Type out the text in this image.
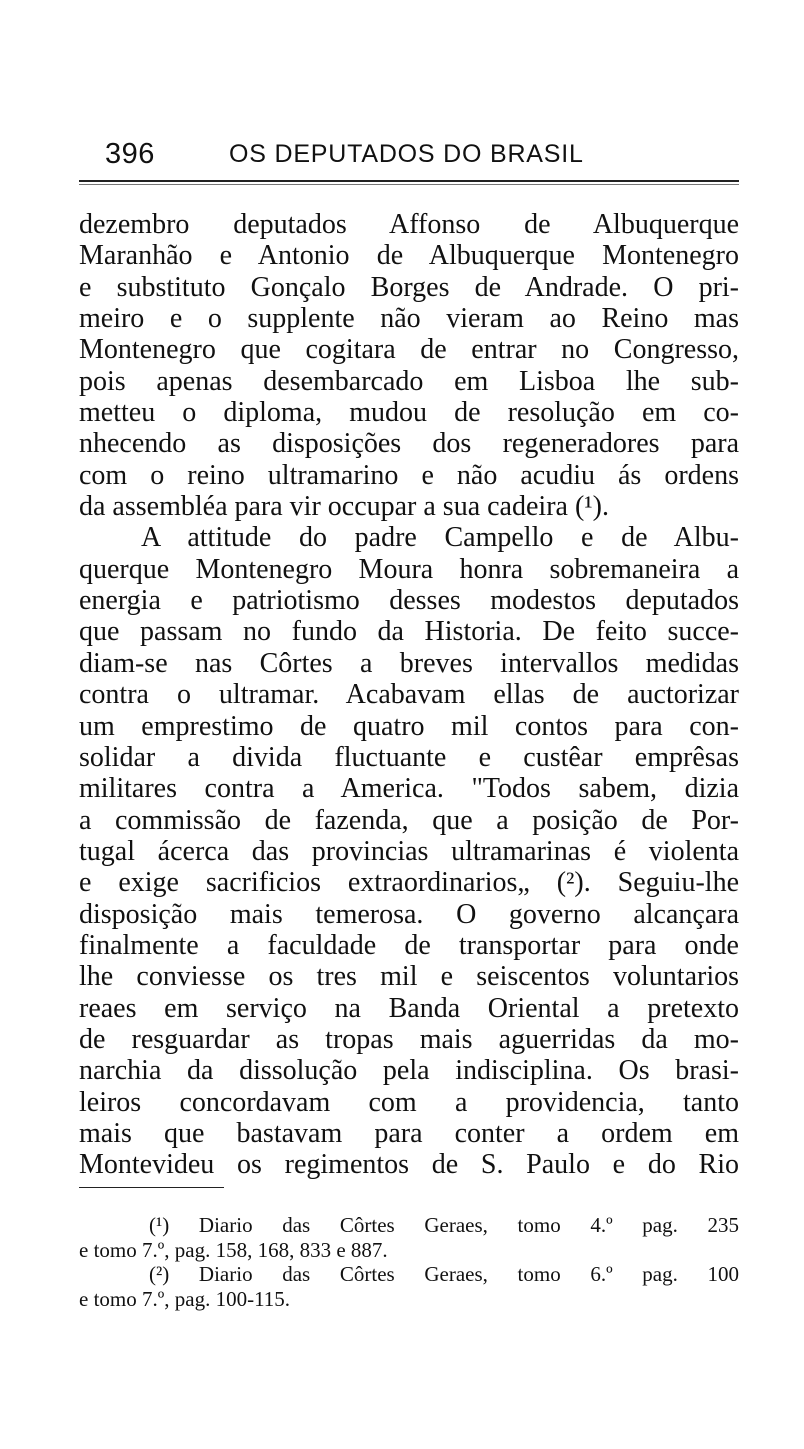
396	OS DEPUTADOS DO BRASIL
dezembro deputados Affonso de Albuquerque
Maranhão e Antonio de Albuquerque Montenegro
e substituto Gonçalo Borges de Andrade. O pri-
meiro e o supplente não vieram ao Reino mas
Montenegro que cogitara de entrar no Congresso,
pois apenas desembarcado em Lisboa lhe sub-
metteu o diploma, mudou de resolução em co-
nhecendo as disposições dos regeneradores para
com o reino ultramarino e não acudiu ás ordens
da assembléa para vir occupar a sua cadeira (¹).
A attitude do padre Campello e de Albu-
querque Montenegro Moura honra sobremaneira a
energia e patriotismo desses modestos deputados
que passam no fundo da Historia. De feito succe-
diam-se nas Côrtes a breves intervallos medidas
contra o ultramar. Acabavam ellas de auctorizar
um emprestimo de quatro mil contos para con-
solidar a divida fluctuante e custêar emprêsas
militares contra a America. "Todos sabem, dizia
a commissão de fazenda, que a posição de Por-
tugal ácerca das provincias ultramarinas é violenta
e exige sacrificios extraordinarios„ (²). Seguiu-lhe
disposição mais temerosa. O governo alcançara
finalmente a faculdade de transportar para onde
lhe conviesse os tres mil e seiscentos voluntarios
reaes em serviço na Banda Oriental a pretexto
de resguardar as tropas mais aguerridas da mo-
narchia da dissolução pela indisciplina. Os brasi-
leiros concordavam com a providencia, tanto
mais que bastavam para conter a ordem em
Montevideu os regimentos de S. Paulo e do Rio
(¹) Diario das Côrtes Geraes, tomo 4.º pag. 235
e tomo 7.º, pag. 158, 168, 833 e 887.
(²) Diario das Côrtes Geraes, tomo 6.º pag. 100
e tomo 7.º, pag. 100-115.
